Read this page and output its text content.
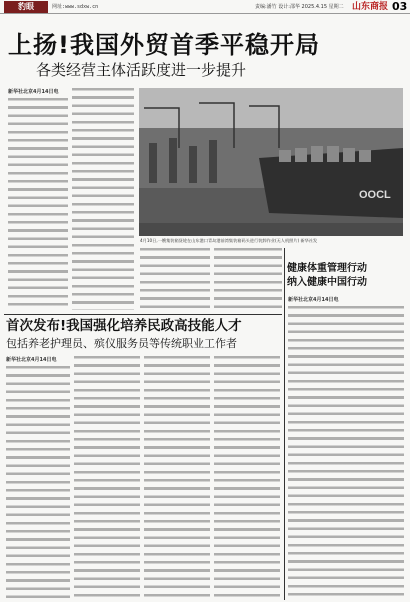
豹眼	网址:www.sdxw.cn	责编:潘竹 设计:邵华 2025.4.15 星期二 山东商报 03
上扬!我国外贸首季平稳开局
各类经营主体活跃度进一步提升
新华社北京4月14日电
OOCL
4月10日,一艘集装箱货轮在山东港口青岛港前湾集装箱码头进行装卸作业(无人机照片) 新华社发
健康体重管理行动
纳入健康中国行动
新华社北京4月14日电
首次发布!我国强化培养民政高技能人才
包括养老护理员、殡仪服务员等传统职业工作者
新华社北京4月14日电
